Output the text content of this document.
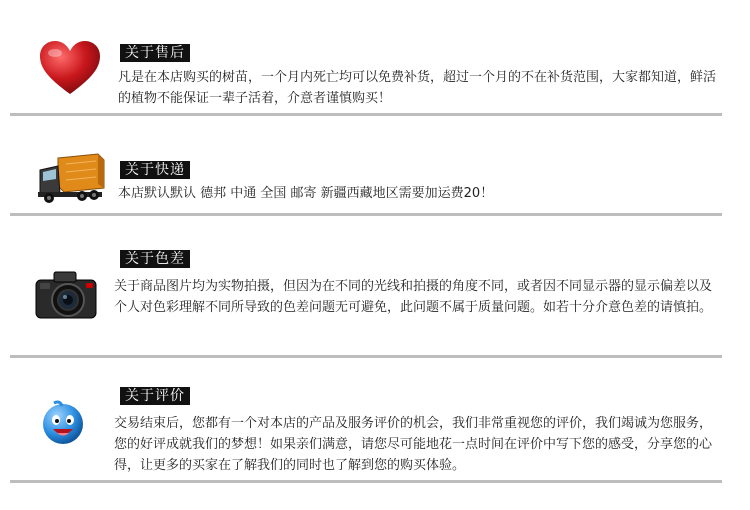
关于售后
凡是在本店购买的树苗，一个月内死亡均可以免费补货，超过一个月的不在补货范围，大家都知道，鲜活的植物不能保证一辈子活着，介意者谨慎购买！
关于快递
本店默认默认 德邦 中通 全国 邮寄 新疆西藏地区需要加运费20！
关于色差
关于商品图片均为实物拍摄，但因为在不同的光线和拍摄的角度不同，或者因不同显示器的显示偏差以及个人对色彩理解不同所导致的色差问题无可避免，此问题不属于质量问题。如若十分介意色差的请慎拍。
关于评价
交易结束后，您都有一个对本店的产品及服务评价的机会，我们非常重视您的评价，我们竭诚为您服务，您的好评成就我们的梦想！如果亲们满意，请您尽可能地花一点时间在评价中写下您的感受，分享您的心得，让更多的买家在了解我们的同时也了解到您的购买体验。
